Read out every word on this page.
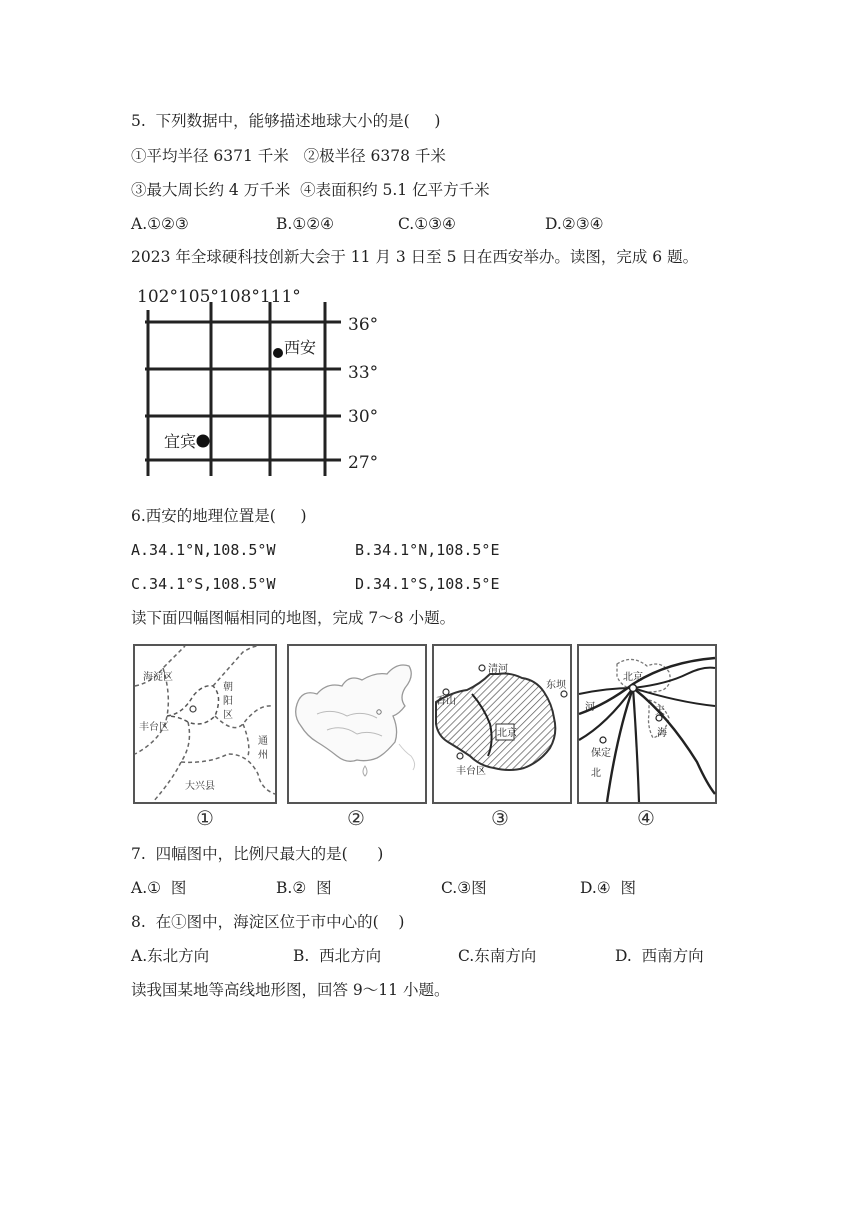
5.  下列数据中，能够描述地球大小的是(     )
①平均半径 6371 千米   ②极半径 6378 千米
③最大周长约 4 万千米  ④表面积约 5.1 亿平方千米
A.①②③	B.①②④	C.①③④	D.②③④
2023 年全球硬科技创新大会于 11 月 3 日至 5 日在西安举办。读图，完成 6 题。
102°105°108°111°
36°
33°
30°
27°
西安
宜宾
6.西安的地理位置是(     )
A.34.1°N,108.5°W	B.34.1°N,108.5°E
C.34.1°S,108.5°W	D.34.1°S,108.5°E
读下面四幅图幅相同的地图，完成 7～8 小题。
海淀区
朝
阳
区
丰台区
通
州
大兴县
清河
香山
东坝
北京
丰台区
北京
河	天
保定
海
北
①	②	③	④
7.  四幅图中，比例尺最大的是(      )
A.①  图	B.②  图	C.③图	D.④  图
8.  在①图中，海淀区位于市中心的(    )
A.东北方向	B.  西北方向	C.东南方向	D.  西南方向
读我国某地等高线地形图，回答 9～11 小题。
